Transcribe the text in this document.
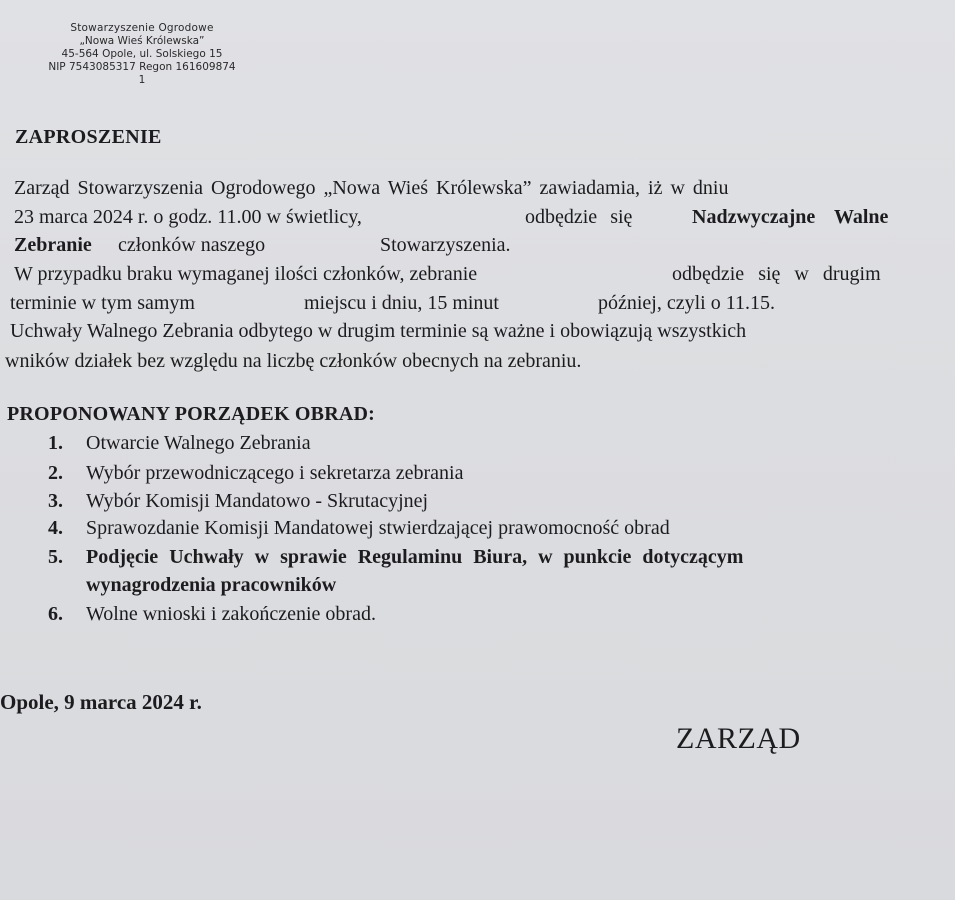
Stowarzyszenie Ogrodowe
„Nowa Wieś Królewska”
45-564 Opole, ul. Solskiego 15
NIP 7543085317 Regon 161609874
1
ZAPROSZENIE
Zarząd Stowarzyszenia Ogrodowego „Nowa Wieś Królewska” zawiadamia, iż w dniu
23 marca 2024 r. o godz. 11.00 w świetlicy,	odbędzie się	Nadzwyczajne Walne
Zebranie członków naszego	Stowarzyszenia.
W przypadku braku wymaganej ilości członków, zebranie	odbędzie się w drugim
terminie w tym samym	miejscu i dniu, 15 minut	później, czyli o 11.15.
Uchwały Walnego Zebrania odbytego w drugim terminie są ważne i obowiązują wszystkich
wników działek bez względu na liczbę członków obecnych na zebraniu.
PROPONOWANY PORZĄDEK OBRAD:
1. Otwarcie Walnego Zebrania
2. Wybór przewodniczącego i sekretarza zebrania
3. Wybór Komisji Mandatowo - Skrutacyjnej
4. Sprawozdanie Komisji Mandatowej stwierdzającej prawomocność obrad
5. Podjęcie Uchwały w sprawie Regulaminu Biura, w punkcie dotyczącym
wynagrodzenia pracowników
6. Wolne wnioski i zakończenie obrad.
Opole, 9 marca 2024 r.
ZARZĄD
